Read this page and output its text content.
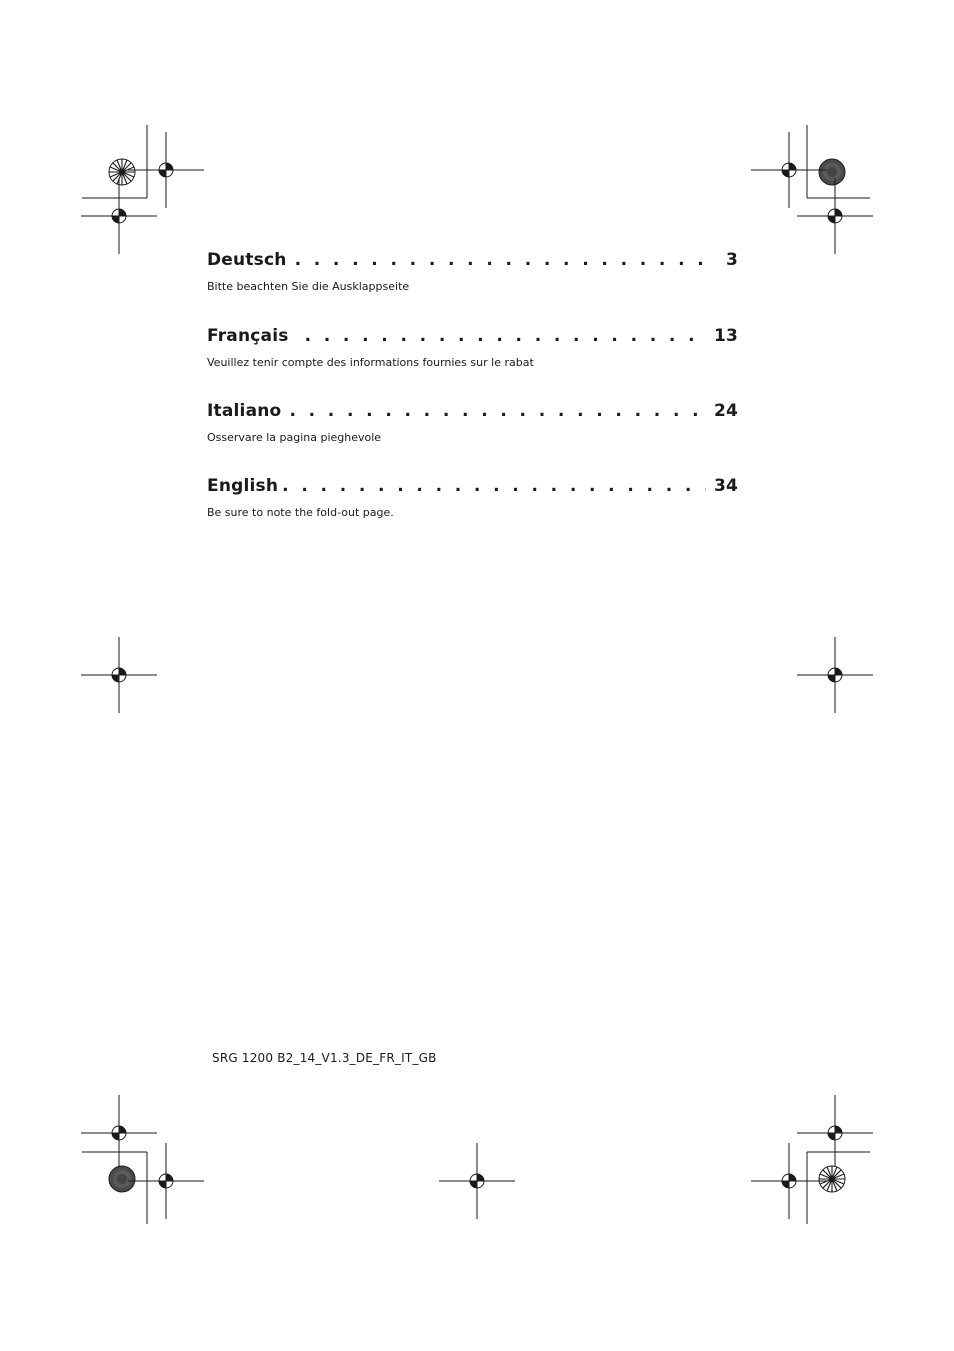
Deutsch . . .	3
Bitte beachten Sie die Ausklappseite
Français . . .	13
Veuillez tenir compte des informations fournies sur le rabat
Italiano . . .	24
Osservare la pagina pieghevole
English . . .	34
Be sure to note the fold-out page.
SRG 1200 B2_14_V1.3_DE_FR_IT_GB
